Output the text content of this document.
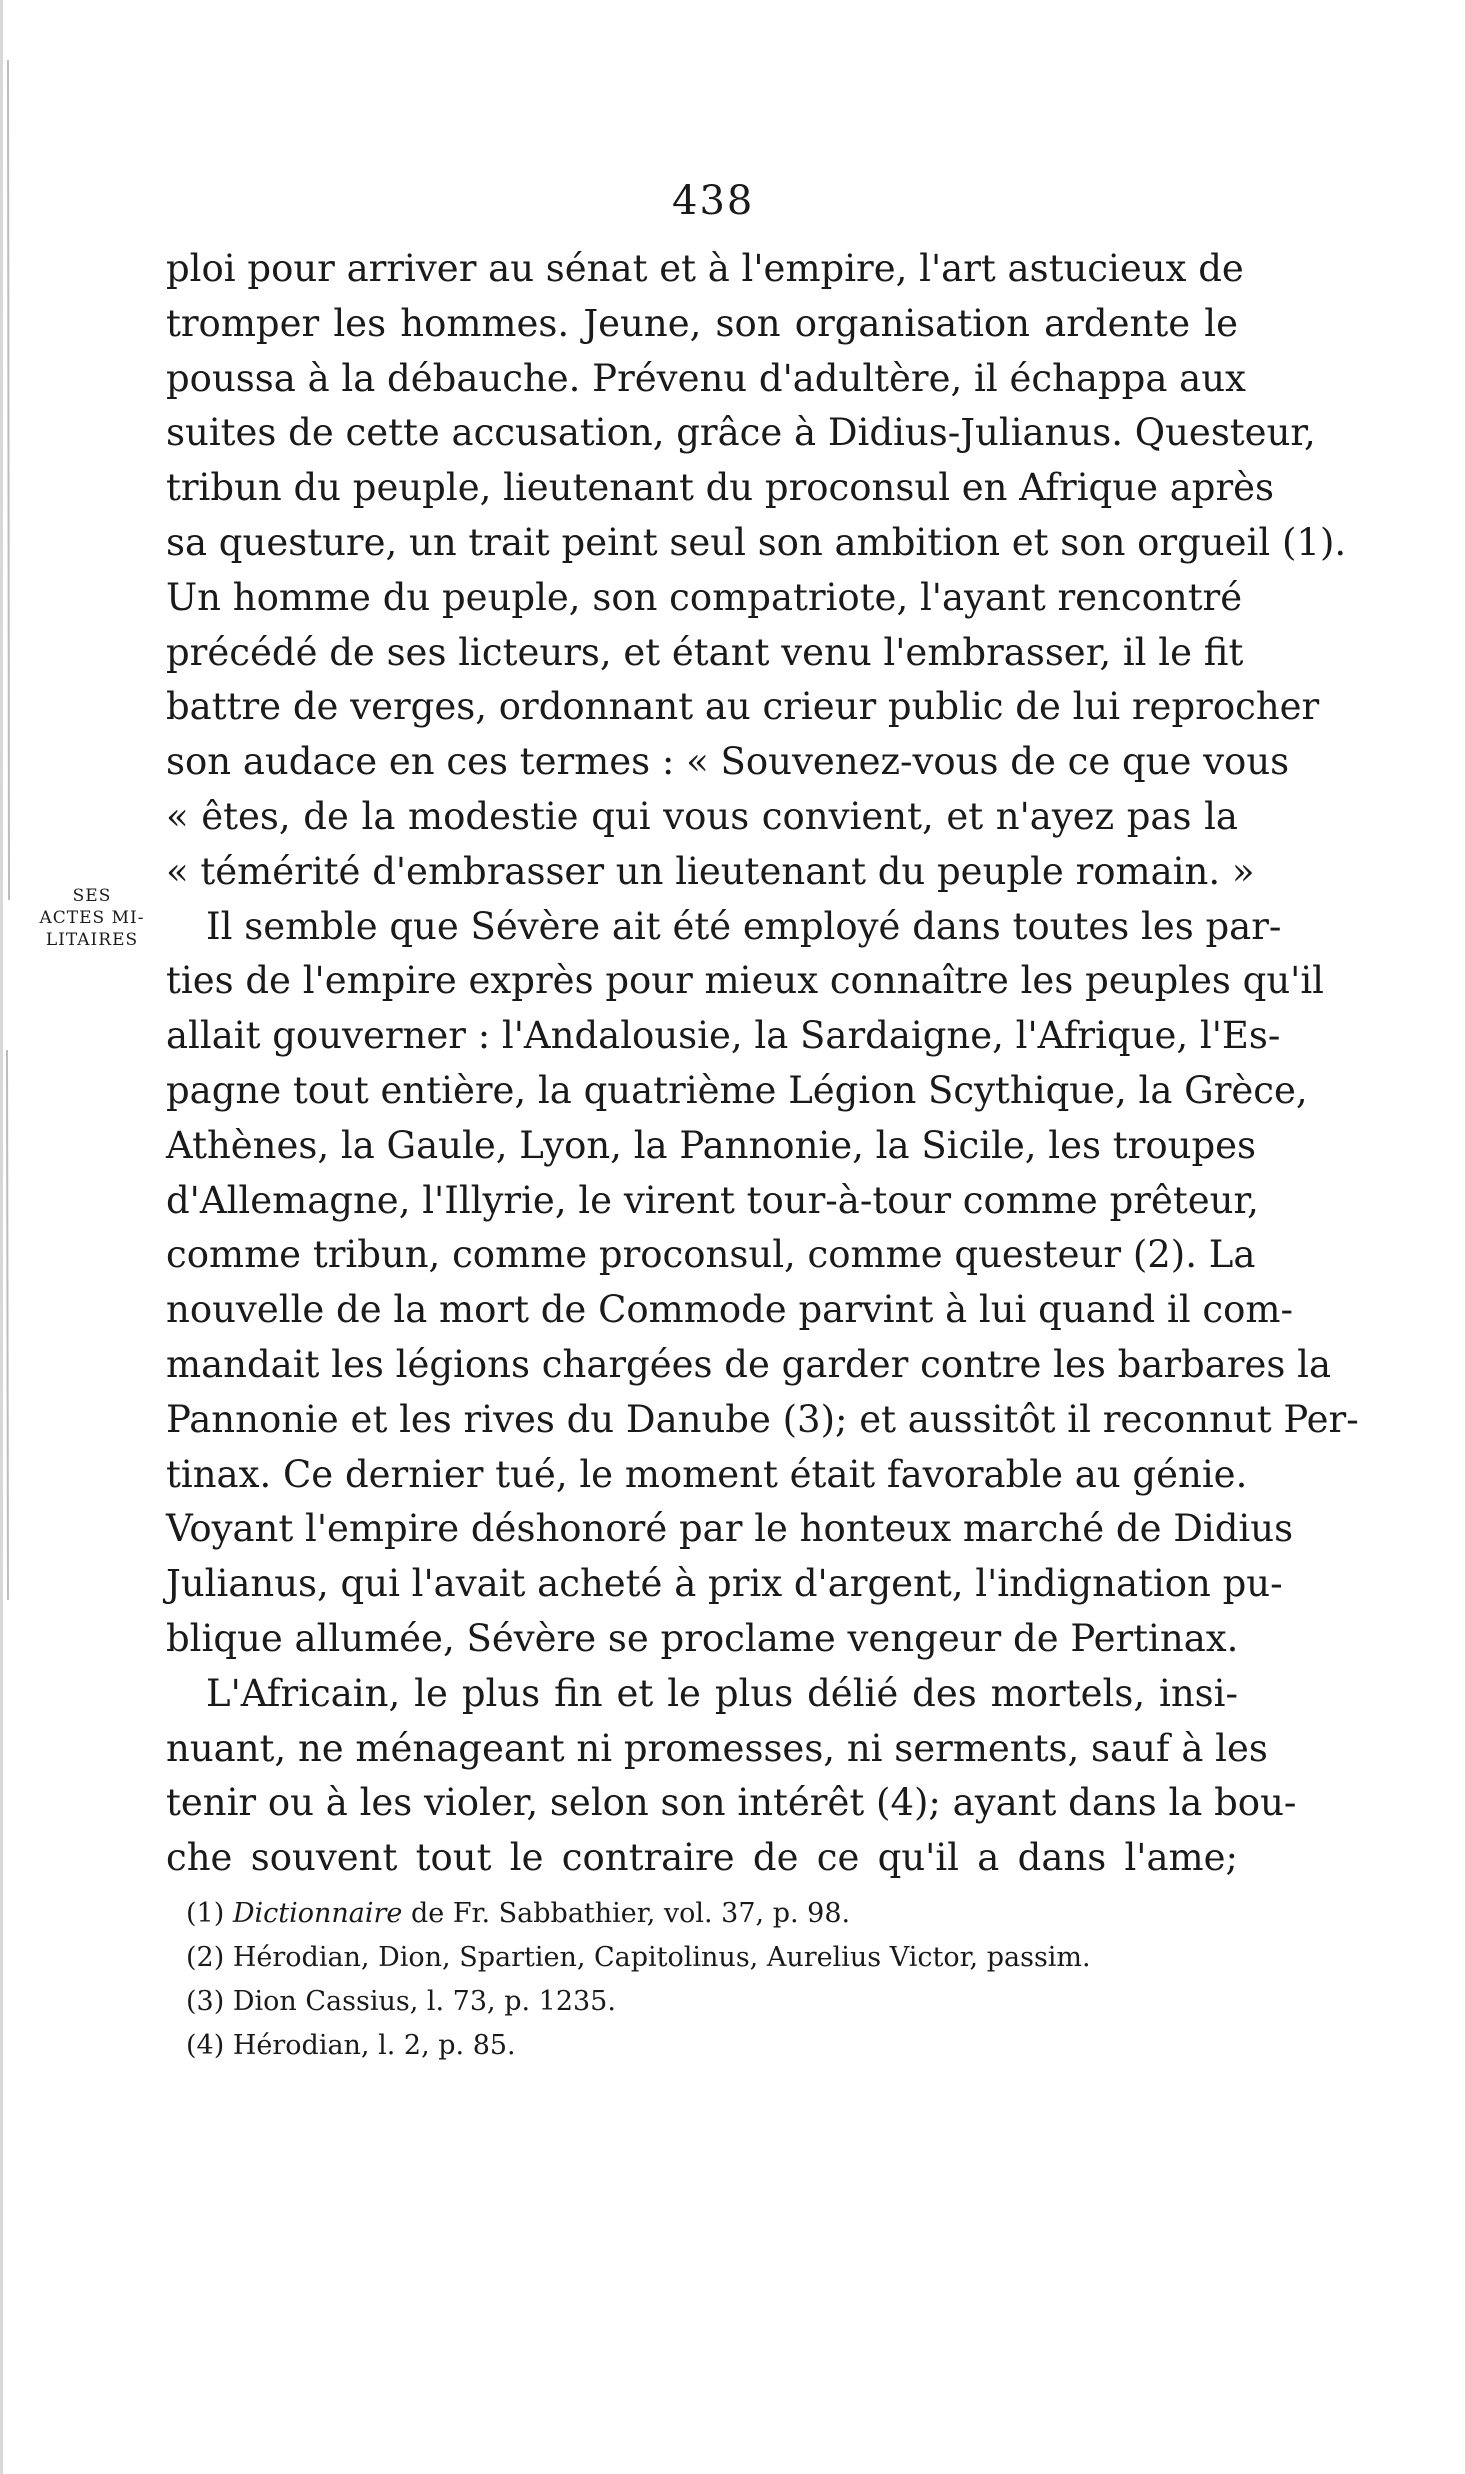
438
SES
ACTES MI-
LITAIRES
ploi pour arriver au sénat et à l'empire, l'art astucieux de
tromper les hommes. Jeune, son organisation ardente le
poussa à la débauche. Prévenu d'adultère, il échappa aux
suites de cette accusation, grâce à Didius-Julianus. Questeur,
tribun du peuple, lieutenant du proconsul en Afrique après
sa questure, un trait peint seul son ambition et son orgueil (1).
Un homme du peuple, son compatriote, l'ayant rencontré
précédé de ses licteurs, et étant venu l'embrasser, il le fit
battre de verges, ordonnant au crieur public de lui reprocher
son audace en ces termes : « Souvenez-vous de ce que vous
« êtes, de la modestie qui vous convient, et n'ayez pas la
« témérité d'embrasser un lieutenant du peuple romain. »
Il semble que Sévère ait été employé dans toutes les par-
ties de l'empire exprès pour mieux connaître les peuples qu'il
allait gouverner : l'Andalousie, la Sardaigne, l'Afrique, l'Es-
pagne tout entière, la quatrième Légion Scythique, la Grèce,
Athènes, la Gaule, Lyon, la Pannonie, la Sicile, les troupes
d'Allemagne, l'Illyrie, le virent tour-à-tour comme prêteur,
comme tribun, comme proconsul, comme questeur (2). La
nouvelle de la mort de Commode parvint à lui quand il com-
mandait les légions chargées de garder contre les barbares la
Pannonie et les rives du Danube (3); et aussitôt il reconnut Per-
tinax. Ce dernier tué, le moment était favorable au génie.
Voyant l'empire déshonoré par le honteux marché de Didius
Julianus, qui l'avait acheté à prix d'argent, l'indignation pu-
blique allumée, Sévère se proclame vengeur de Pertinax.
L'Africain, le plus fin et le plus délié des mortels, insi-
nuant, ne ménageant ni promesses, ni serments, sauf à les
tenir ou à les violer, selon son intérêt (4); ayant dans la bou-
che souvent tout le contraire de ce qu'il a dans l'ame;
(1) Dictionnaire de Fr. Sabbathier, vol. 37, p. 98.
(2) Hérodian, Dion, Spartien, Capitolinus, Aurelius Victor, passim.
(3) Dion Cassius, l. 73, p. 1235.
(4) Hérodian, l. 2, p. 85.
